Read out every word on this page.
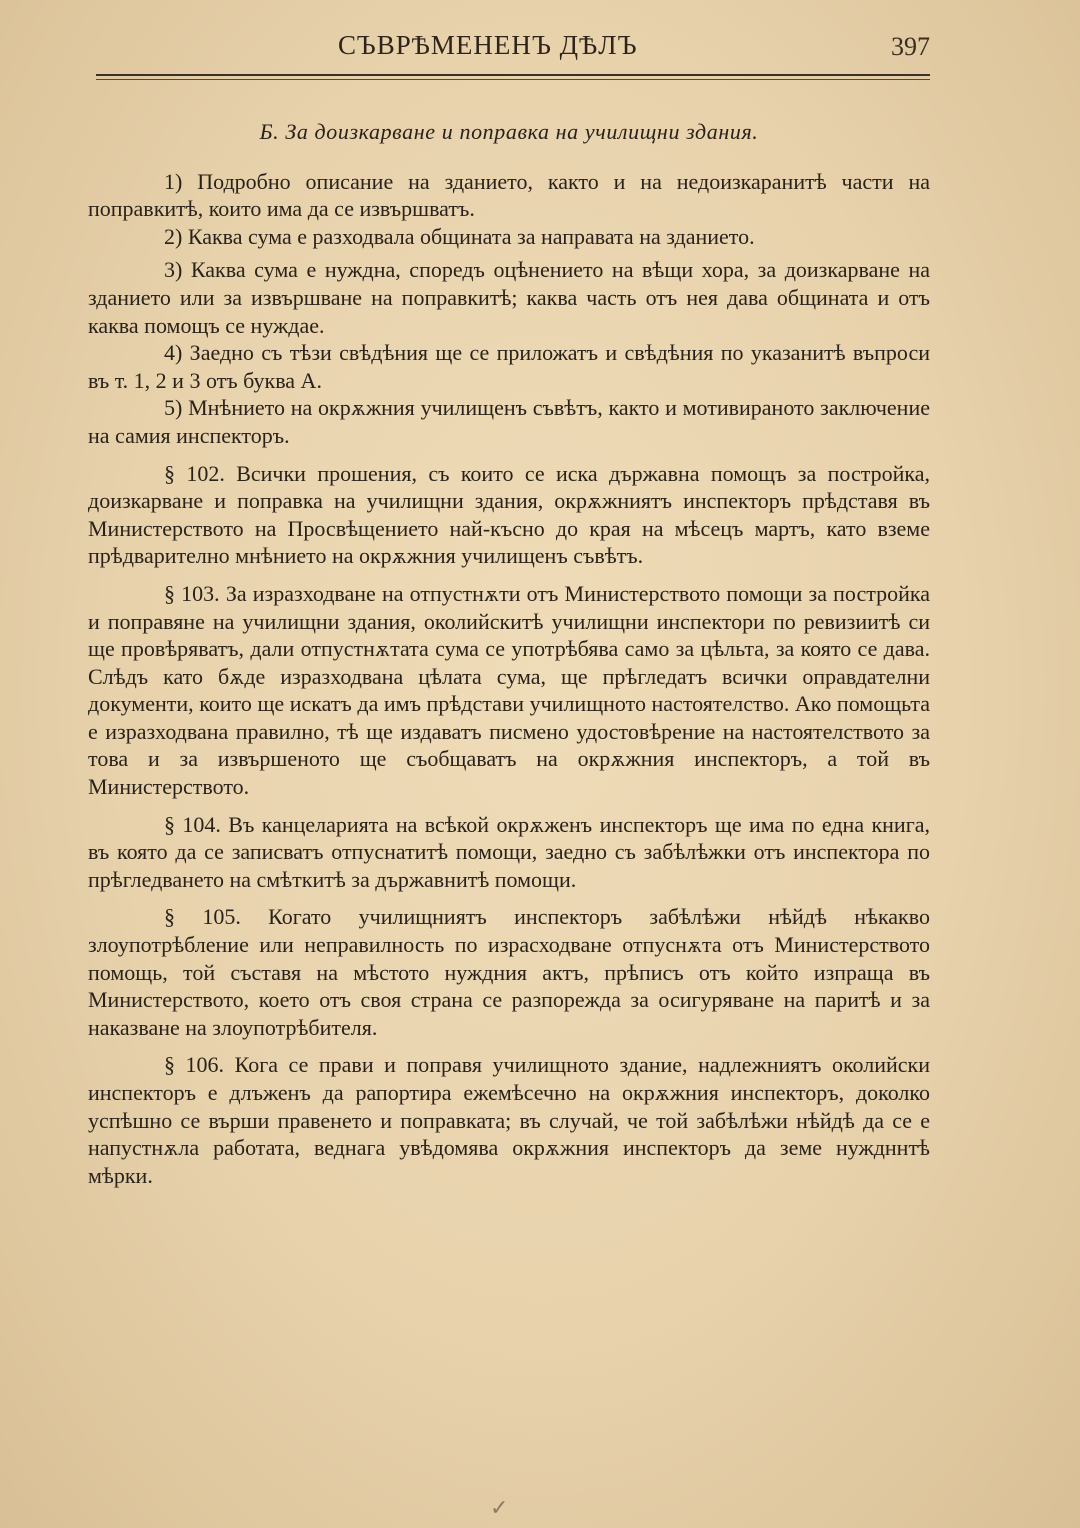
СЪВРѢМЕНЕНЪ ДѢЛЪ	397
Б. За доизкарване и поправка на училищни здания.

1) Подробно описание на зданието, както и на недоизкаранитѣ части на поправкитѣ, които има да се извършватъ.

2) Каква сума е разходвала общината за направата на зданието.

3) Каква сума е нуждна, споредъ оцѣнението на вѣщи хора, за доизкарване на зданието или за извършване на поправкитѣ; каква часть отъ нея дава общината и отъ каква помощъ се нуждае.

4) Заедно съ тѣзи свѣдѣния ще се приложатъ и свѣдѣния по указанитѣ въпроси въ т. 1, 2 и 3 отъ буква А.

5) Мнѣнието на окрѫжния училищенъ съвѣтъ, както и мотивираното заключение на самия инспекторъ.

§ 102. Всички прошения, съ които се иска държавна помощъ за постройка, доизкарване и поправка на училищни здания, окрѫжниятъ инспекторъ прѣдставя въ Министерството на Просвѣщението най-късно до края на мѣсецъ мартъ, като вземе прѣдварително мнѣнието на окрѫжния училищенъ съвѣтъ.

§ 103. За изразходване на отпустнѫти отъ Министерството помощи за постройка и поправяне на училищни здания, околийскитѣ училищни инспектори по ревизиитѣ си ще провѣряватъ, дали отпустнѫтата сума се употрѣбява само за цѣльта, за която се дава. Слѣдъ като бѫде изразходвана цѣлата сума, ще прѣгледатъ всички оправдателни документи, които ще искатъ да имъ прѣдстави училищното настоятелство. Ако помощьта е изразходвана правилно, тѣ ще издаватъ писмено удостовѣрение на настоятелството за това и за извършеното ще съобщаватъ на окрѫжния инспекторъ, а той въ Министерството.

§ 104. Въ канцеларията на всѣкой окрѫженъ инспекторъ ще има по една книга, въ която да се записватъ отпуснатитѣ помощи, заедно съ забѣлѣжки отъ инспектора по прѣгледването на смѣткитѣ за държавнитѣ помощи.

§ 105. Когато училищниятъ инспекторъ забѣлѣжи нѣйдѣ нѣкакво злоупотрѣбление или неправилность по израсходване отпуснѫта отъ Министерството помощь, той съставя на мѣстото нуждния актъ, прѣписъ отъ който изпраща въ Министерството, което отъ своя страна се разпорежда за осигуряване на паритѣ и за наказване на злоупотрѣбителя.

§ 106. Кога се прави и поправя училищното здание, надлежниятъ околийски инспекторъ е длъженъ да рапортира ежемѣсечно на окрѫжния инспекторъ, доколко успѣшно се върши правенето и поправката; въ случай, че той забѣлѣжи нѣйдѣ да се е напустнѫла работата, веднага увѣдомява окрѫжния инспекторъ да земе нуждннтѣ мѣрки.

✓
